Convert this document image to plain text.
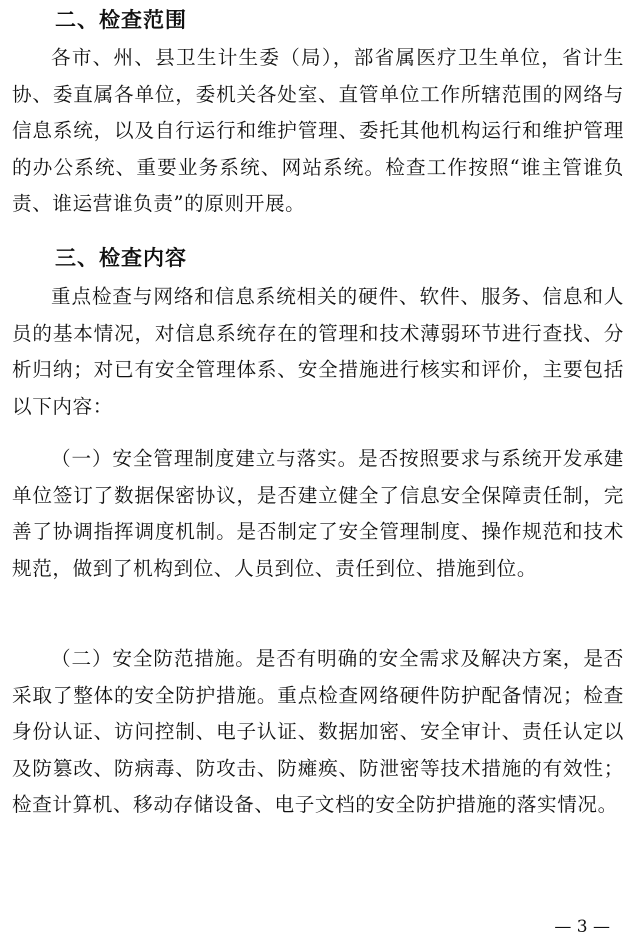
二、检查范围

各市、州、县卫生计生委（局），部省属医疗卫生单位，省计生协、委直属各单位，委机关各处室、直管单位工作所辖范围的网络与信息系统，以及自行运行和维护管理、委托其他机构运行和维护管理的办公系统、重要业务系统、网站系统。检查工作按照“谁主管谁负责、谁运营谁负责”的原则开展。

三、检查内容

重点检查与网络和信息系统相关的硬件、软件、服务、信息和人员的基本情况，对信息系统存在的管理和技术薄弱环节进行查找、分析归纳；对已有安全管理体系、安全措施进行核实和评价，主要包括以下内容：

（一）安全管理制度建立与落实。是否按照要求与系统开发承建单位签订了数据保密协议，是否建立健全了信息安全保障责任制，完善了协调指挥调度机制。是否制定了安全管理制度、操作规范和技术规范，做到了机构到位、人员到位、责任到位、措施到位。

（二）安全防范措施。是否有明确的安全需求及解决方案，是否采取了整体的安全防护措施。重点检查网络硬件防护配备情况；检查身份认证、访问控制、电子认证、数据加密、安全审计、责任认定以及防篡改、防病毒、防攻击、防瘫痪、防泄密等技术措施的有效性；检查计算机、移动存储设备、电子文档的安全防护措施的落实情况。

— 3 —
